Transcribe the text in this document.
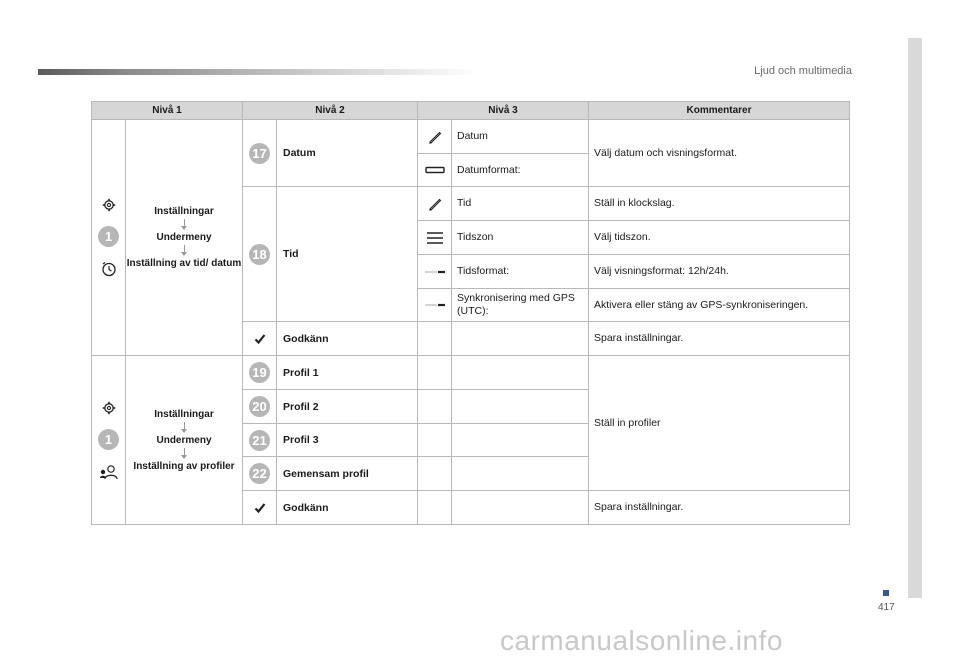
Ljud och multimedia
417
carmanualsonline.info
Nivå 1		Nivå 2		Nivå 3		Kommentarer

1	Inställningar
Undermeny
Inställning av tid/ datum	17	Datum		Datum	Välj datum och visningsformat.
	Datumformat:	
		18	Tid		Tid	Ställ in klockslag.
	Tidszon	Välj tidszon.
	Tidsformat:	Välj visningsformat: 12h/24h.
	Synkronisering med GPS (UTC):	Aktivera eller stäng av GPS-synkroniseringen.
	Godkänn			Spara inställningar.

1	Inställningar
Undermeny
Inställning av profiler	19	Profil 1			Ställ in profiler
		20	Profil 2			
		21	Profil 3			
		22	Gemensam profil			
	Godkänn			Spara inställningar.
